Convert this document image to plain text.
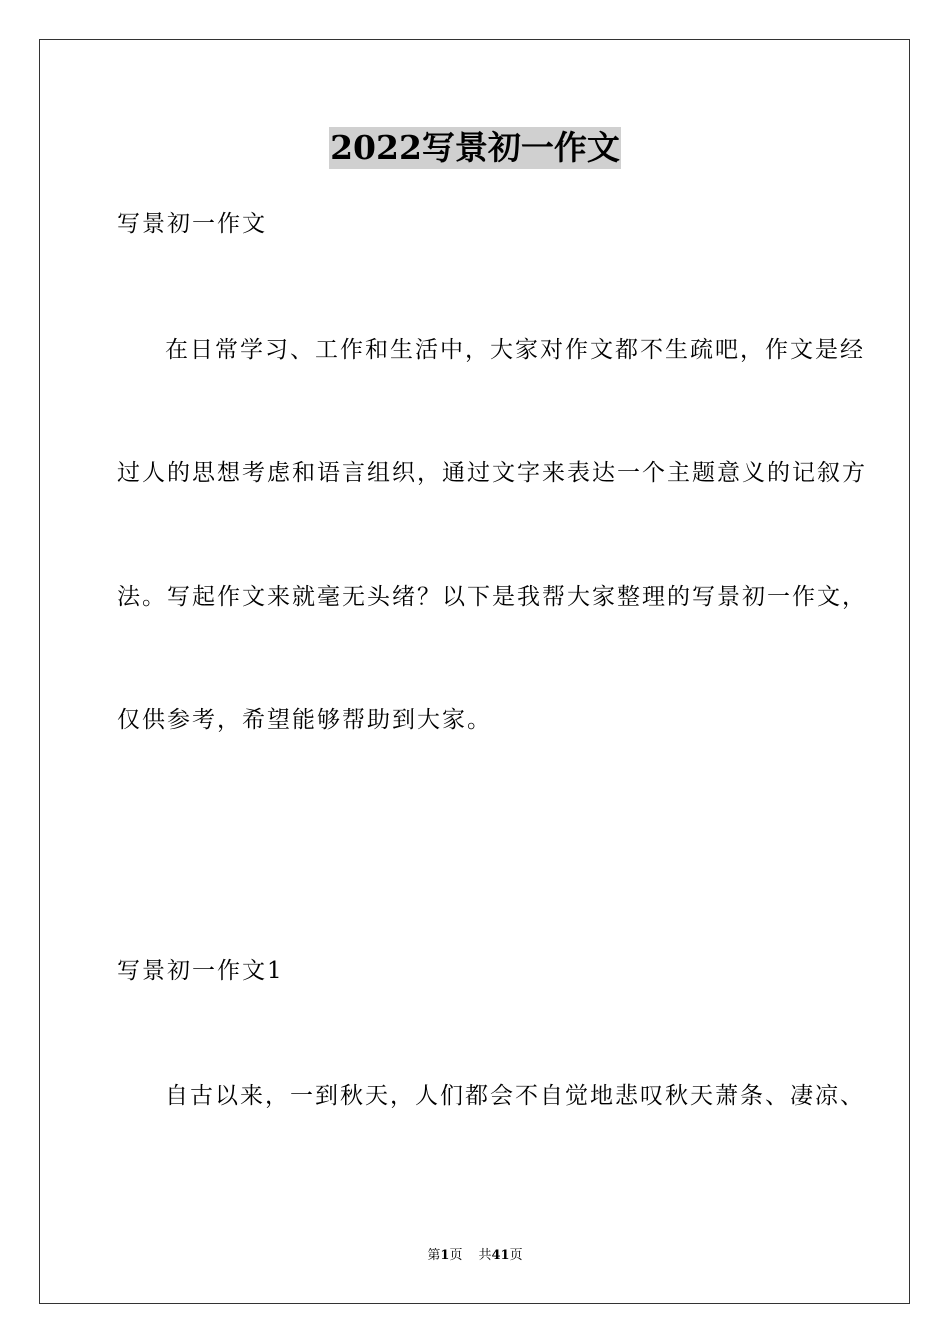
2022写景初一作文
写景初一作文
在日常学习、工作和生活中，大家对作文都不生疏吧，作文是经
过人的思想考虑和语言组织，通过文字来表达一个主题意义的记叙方
法。写起作文来就毫无头绪？以下是我帮大家整理的写景初一作文，
仅供参考，希望能够帮助到大家。
写景初一作文1
自古以来，一到秋天，人们都会不自觉地悲叹秋天萧条、凄凉、
第1页 共41页
